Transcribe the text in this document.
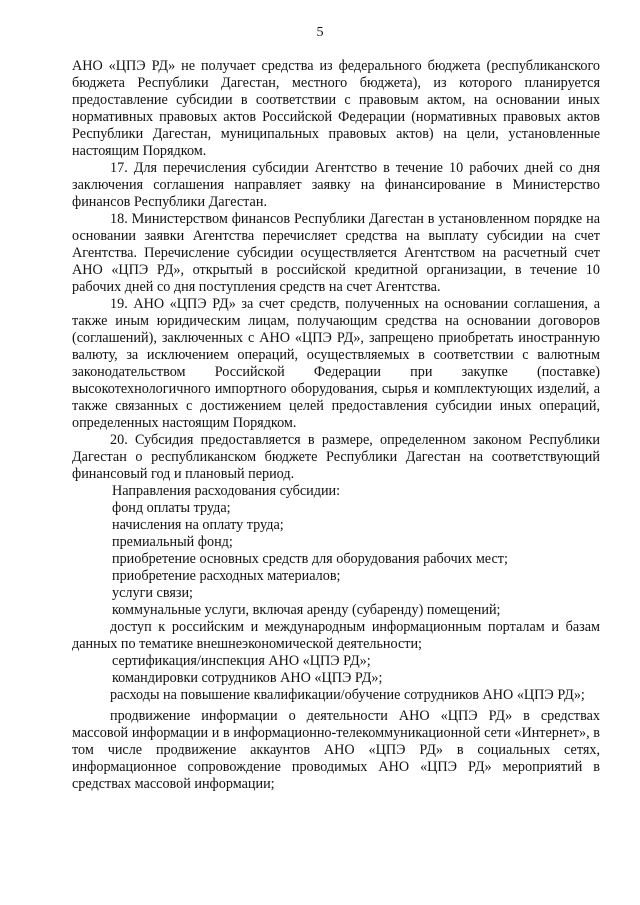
5

АНО «ЦПЭ РД» не получает средства из федерального бюджета (республиканского бюджета Республики Дагестан, местного бюджета), из которого планируется предоставление субсидии в соответствии с правовым актом, на основании иных нормативных правовых актов Российской Федерации (нормативных правовых актов Республики Дагестан, муниципальных правовых актов) на цели, установленные настоящим Порядком.

17. Для перечисления субсидии Агентство в течение 10 рабочих дней со дня заключения соглашения направляет заявку на финансирование в Министерство финансов Республики Дагестан.

18. Министерством финансов Республики Дагестан в установленном порядке на основании заявки Агентства перечисляет средства на выплату субсидии на счет Агентства. Перечисление субсидии осуществляется Агентством на расчетный счет АНО «ЦПЭ РД», открытый в российской кредитной организации, в течение 10 рабочих дней со дня поступления средств на счет Агентства.

19. АНО «ЦПЭ РД» за счет средств, полученных на основании соглашения, а также иным юридическим лицам, получающим средства на основании договоров (соглашений), заключенных с АНО «ЦПЭ РД», запрещено приобретать иностранную валюту, за исключением операций, осуществляемых в соответствии с валютным законодательством Российской Федерации при закупке (поставке) высокотехнологичного импортного оборудования, сырья и комплектующих изделий, а также связанных с достижением целей предоставления субсидии иных операций, определенных настоящим Порядком.

20. Субсидия предоставляется в размере, определенном законом Республики Дагестан о республиканском бюджете Республики Дагестан на соответствующий финансовый год и плановый период.

Направления расходования субсидии:

фонд оплаты труда;

начисления на оплату труда;

премиальный фонд;

приобретение основных средств для оборудования рабочих мест;

приобретение расходных материалов;

услуги связи;

коммунальные услуги, включая аренду (субаренду) помещений;

доступ к российским и международным информационным порталам и базам данных по тематике внешнеэкономической деятельности;

сертификация/инспекция АНО «ЦПЭ РД»;

командировки сотрудников АНО «ЦПЭ РД»;

расходы на повышение квалификации/обучение сотрудников АНО «ЦПЭ РД»;

продвижение информации о деятельности АНО «ЦПЭ РД» в средствах массовой информации и в информационно-телекоммуникационной сети «Интернет», в том числе продвижение аккаунтов АНО «ЦПЭ РД» в социальных сетях, информационное сопровождение проводимых АНО «ЦПЭ РД» мероприятий в средствах массовой информации;
